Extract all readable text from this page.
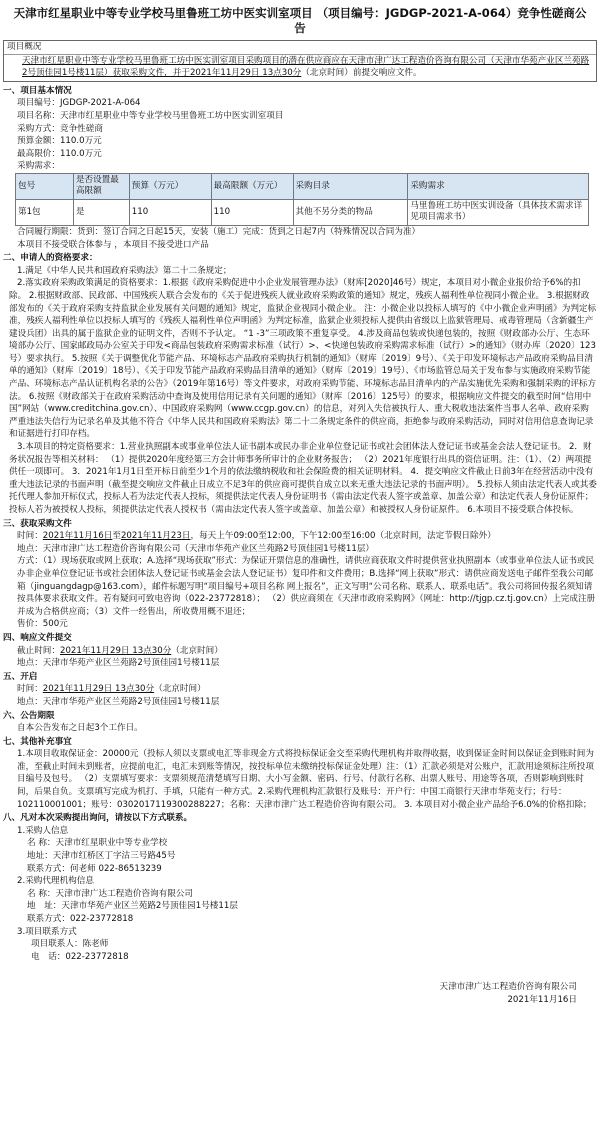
天津市红星职业中等专业学校马里鲁班工坊中医实训室项目 （项目编号：JGDGP-2021-A-064）竞争性磋商公告
项目概况
天津市红星职业中等专业学校马里鲁班工坊中医实训室项目采购项目的潜在供应商应在天津市津广达工程造价咨询有限公司（天津市华苑产业区兰苑路2号顶佳园1号楼11层）获取采购文件，并于2021年11月29日 13点30分（北京时间）前提交响应文件。
一、项目基本情况
项目编号：JGDGP-2021-A-064
项目名称：天津市红星职业中等专业学校马里鲁班工坊中医实训室项目
采购方式：竞争性磋商
预算金额：110.0万元
最高限价：110.0万元
采购需求：
包号	是否设置最高限额	预算（万元）	最高限额（万元）	采购目录	采购需求
第1包	是	110	110	其他不另分类的物品	马里鲁班工坊中医实训设备（具体技术需求详见项目需求书）
合同履行期限：货到：签订合同之日起15天，安装（施工）完成：货到之日起7内（特殊情况以合同为准）
本项目不接受联合体参与 ，本项目不接受进口产品
二、申请人的资格要求：
1.满足《中华人民共和国政府采购法》第二十二条规定；
2.落实政府采购政策满足的资格要求：1.根据《政府采购促进中小企业发展管理办法》（财库[2020]46号）规定，本项目对小微企业报价给予6%的扣除。 2.根据财政部、民政部、中国残疾人联合会发布的《关于促进残疾人就业政府采购政策的通知》规定，残疾人福利性单位视同小微企业。 3.根据财政部发布的《关于政府采购支持监狱企业发展有关问题的通知》规定，监狱企业视同小微企业。 注：小微企业以投标人填写的《中小微企业声明函》为判定标准，残疾人福利性单位以投标人填写的《残疾人福利性单位声明函》为判定标准，监狱企业须投标人提供由省级以上监狱管理局、戒毒管理局（含新疆生产建设兵团）出具的属于监狱企业的证明文件，否则不予认定。 “1 -3”三项政策不重复享受。 4.涉及商品包装或快递包装的，按照《财政部办公厅、生态环境部办公厅、国家邮政局办公室关于印发<商品包装政府采购需求标准（试行）>、<快递包装政府采购需求标准（试行）>的通知》（财办库〔2020〕123号）要求执行。 5.按照《关于调整优化节能产品、环境标志产品政府采购执行机制的通知》（财库〔2019〕9号）、《关于印发环境标志产品政府采购品目清单的通知》（财库〔2019〕18号）、《关于印发节能产品政府采购品目清单的通知》（财库〔2019〕19号）、《市场监管总局关于发布参与实施政府采购节能产品、环境标志产品认证机构名录的公告》（2019年第16号）等文件要求，对政府采购节能、环境标志品目清单内的产品实施优先采购和强制采购的评标方法。 6.按照《财政部关于在政府采购活动中查询及使用信用记录有关问题的通知》（财库〔2016〕125号）的要求，根据响应文件提交的截至时间“信用中国”网站（www.creditchina.gov.cn）、中国政府采购网（www.ccgp.gov.cn）的信息，对列入失信被执行人、重大税收违法案件当事人名单、政府采购严重违法失信行为记录名单及其他不符合《中华人民共和国政府采购法》第二十二条规定条件的供应商，拒绝参与政府采购活动，同时对信用信息查询记录和证据进行打印存档。
3.本项目的特定资格要求：1.营业执照副本或事业单位法人证书副本或民办非企业单位登记证书或社会团体法人登记证书或基金会法人登记证书。 2．财务状况报告等相关材料： （1）提供2020年度经第三方会计师事务所审计的企业财务报告； （2）2021年度银行出具的资信证明。注：（1）、（2）两项提供任一项即可。 3．2021年1月1日至开标日前至少1个月的依法缴纳税收和社会保险费的相关证明材料。 4．提交响应文件截止日前3年在经营活动中没有重大违法记录的书面声明（截至提交响应文件截止日成立不足3年的供应商可提供自成立以来无重大违法记录的书面声明）。 5.投标人须由法定代表人或其委托代理人参加开标仪式，投标人若为法定代表人投标，须提供法定代表人身份证明书（需由法定代表人签字或盖章、加盖公章）和法定代表人身份证原件；投标人若为被授权人投标，须提供法定代表人授权书（需由法定代表人签字或盖章、加盖公章）和被授权人身份证原件。 6.本项目不接受联合体投标。
三、获取采购文件
时间：2021年11月16日至2021年11月23日，每天上午09:00至12:00，下午12:00至16:00（北京时间，法定节假日除外）
地点：天津市津广达工程造价咨询有限公司（天津市华苑产业区兰苑路2号顶佳园1号楼11层）
方式：（1）现场获取或网上获取；A.选择“现场获取”形式：为保证开票信息的准确性，请供应商获取文件时提供营业执照副本（或事业单位法人证书或民办非企业单位登记证书或社会团体法人登记证书或基金会法人登记证书）复印件和文件费用；B.选择“网上获取”形式：请供应商发送电子邮件至我公司邮箱（jinguangdagp@163.com），邮件标题写明“项目编号+项目名称 网上报名”，正文写明“公司名称、联系人、联系电话”。我公司将回传报名须知请按具体要求获取文件。若有疑问可致电咨询（022-23772818）； （2）供应商须在《天津市政府采购网》（网址：http://tjgp.cz.tj.gov.cn）上完成注册并成为合格供应商；（3）文件一经售出，所收费用概不退还；
售价：500元
四、响应文件提交
截止时间：2021年11月29日 13点30分（北京时间）
地点：天津市华苑产业区兰苑路2号顶佳园1号楼11层
五、开启
时间：2021年11月29日 13点30分（北京时间）
地点：天津市华苑产业区兰苑路2号顶佳园1号楼11层
六、公告期限
自本公告发布之日起3个工作日。
七、其他补充事宜
1.本项目收取保证金：20000元（投标人须以支票或电汇等非现金方式将投标保证金交至采购代理机构并取得收据，收到保证金时间以保证金到账时间为准，至截止时间未到账者，应提前电汇，电汇未到账等情况，按投标单位未缴纳投标保证金处理）注：（1）汇款必须是对公账户，汇款用途须标注所投项目编号及包号。 （2）支票填写要求：支票须规范清楚填写日期、大小写金额、密码、行号、付款行名称、出票人账号、用途等各项，否则影响到账时间，后果自负。支票填写完成为机打、手填，只能有一种方式。2.采购代理机构汇款银行及账号：开户行：中国工商银行天津市华苑支行；行号：102110001001；账号：0302017119300288227；名称：天津市津广达工程造价咨询有限公司。 3. 本项目对小微企业产品给予6.0%的价格扣除；
八、凡对本次采购提出询问，请按以下方式联系。
1.采购人信息
名 称：天津市红星职业中等专业学校
地址：天津市红桥区丁字沽三号路45号
联系方式：何老师 022-86513239
2.采购代理机构信息
名 称：天津市津广达工程造价咨询有限公司
地　址：天津市华苑产业区兰苑路2号顶佳园1号楼11层
联系方式：022-23772818
3.项目联系方式
项目联系人：陈老师
电　话：022-23772818
天津市津广达工程造价咨询有限公司
2021年11月16日
